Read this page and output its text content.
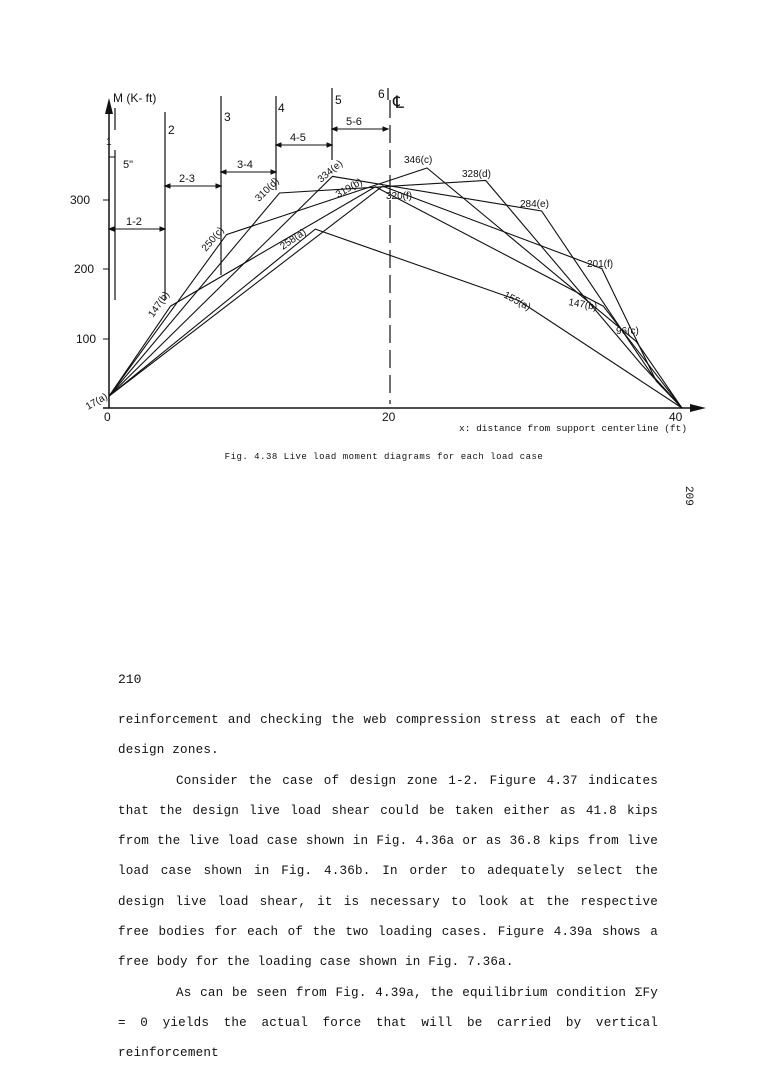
M (K- ft)
x: distance from support centerline (ft)
300
200
100
0	20	40
℄
1
2
3
4
5	6
5"
1-2
2-3
3-4
4-5
5-6
17(a)
147(b)
250(c)
310(d)
334(e)
319(b)
258(a)
346(c)
328(d)
320(f)
284(e)
201(f)
155(a)	147(b)
96(c)
Fig. 4.38 Live load moment diagrams for each load case
209
210

reinforcement and checking the web compression stress at each of the design zones.

Consider the case of design zone 1-2. Figure 4.37 indicates that the design live load shear could be taken either as 41.8 kips from the live load case shown in Fig. 4.36a or as 36.8 kips from live load case shown in Fig. 4.36b. In order to adequately select the design live load shear, it is necessary to look at the respective free bodies for each of the two loading cases. Figure 4.39a shows a free body for the loading case shown in Fig. 7.36a.

As can be seen from Fig. 4.39a, the equilibrium condition ΣFy = 0 yields the actual force that will be carried by vertical reinforcement
